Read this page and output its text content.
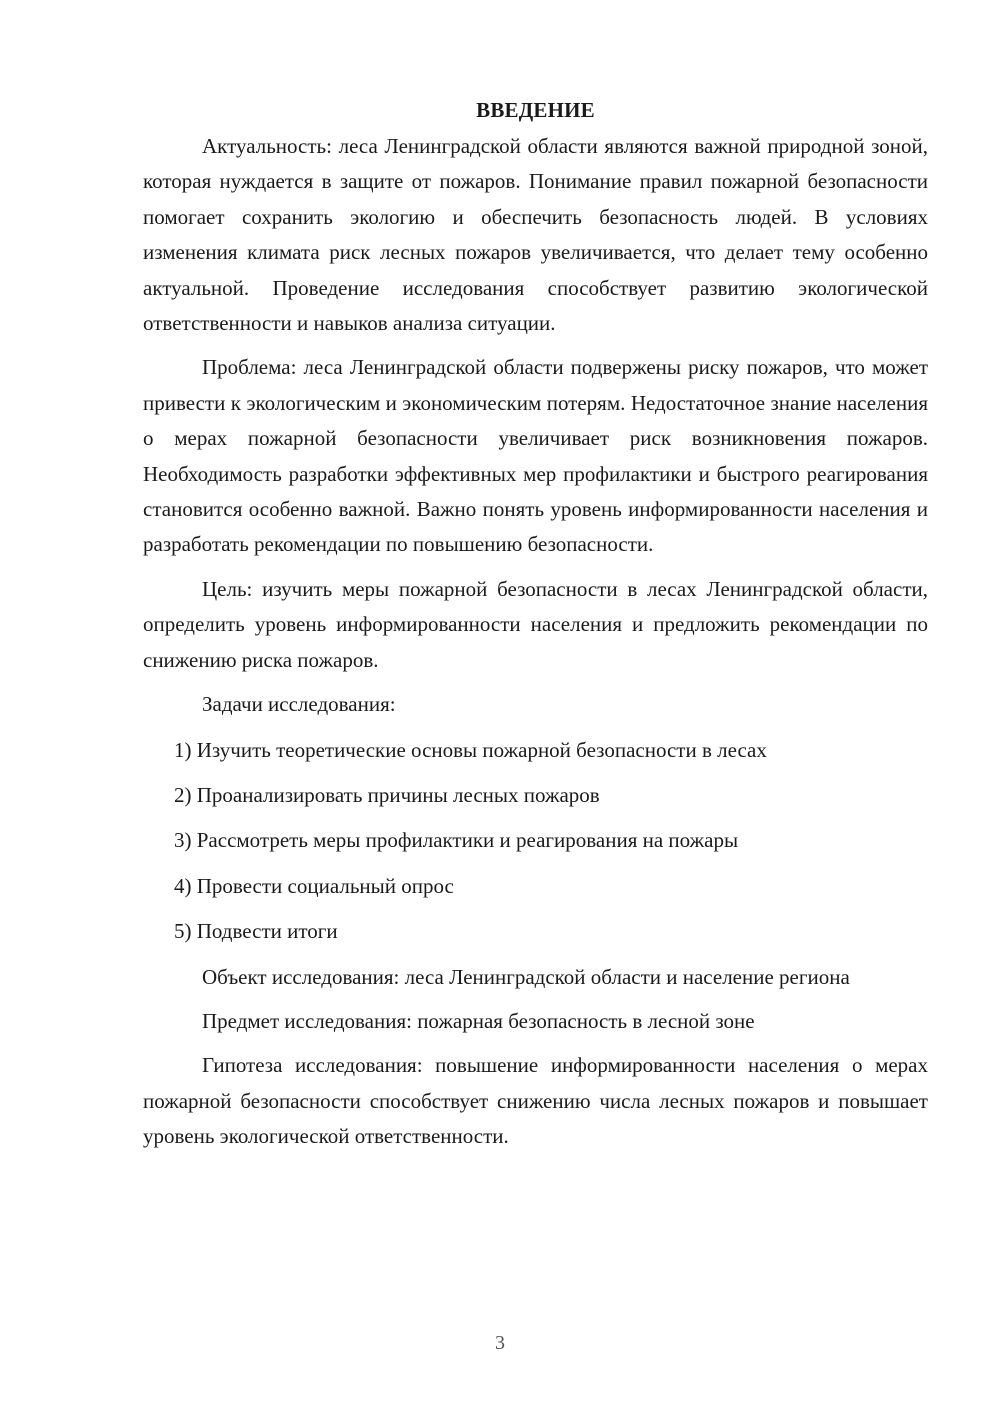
ВВЕДЕНИЕ

Актуальность: леса Ленинградской области являются важной природной зоной, которая нуждается в защите от пожаров. Понимание правил пожарной безопасности помогает сохранить экологию и обеспечить безопасность людей. В условиях изменения климата риск лесных пожаров увеличивается, что делает тему особенно актуальной. Проведение исследования способствует развитию экологической ответственности и навыков анализа ситуации.

Проблема: леса Ленинградской области подвержены риску пожаров, что может привести к экологическим и экономическим потерям. Недостаточное знание населения о мерах пожарной безопасности увеличивает риск возникновения пожаров. Необходимость разработки эффективных мер профилактики и быстрого реагирования становится особенно важной. Важно понять уровень информированности населения и разработать рекомендации по повышению безопасности.

Цель: изучить меры пожарной безопасности в лесах Ленинградской области, определить уровень информированности населения и предложить рекомендации по снижению риска пожаров.

Задачи исследования:
1) Изучить теоретические основы пожарной безопасности в лесах
2) Проанализировать причины лесных пожаров
3) Рассмотреть меры профилактики и реагирования на пожары
4) Провести социальный опрос
5) Подвести итоги

Объект исследования: леса Ленинградской области и население региона

Предмет исследования: пожарная безопасность в лесной зоне

Гипотеза исследования: повышение информированности населения о мерах пожарной безопасности способствует снижению числа лесных пожаров и повышает уровень экологической ответственности.

3
